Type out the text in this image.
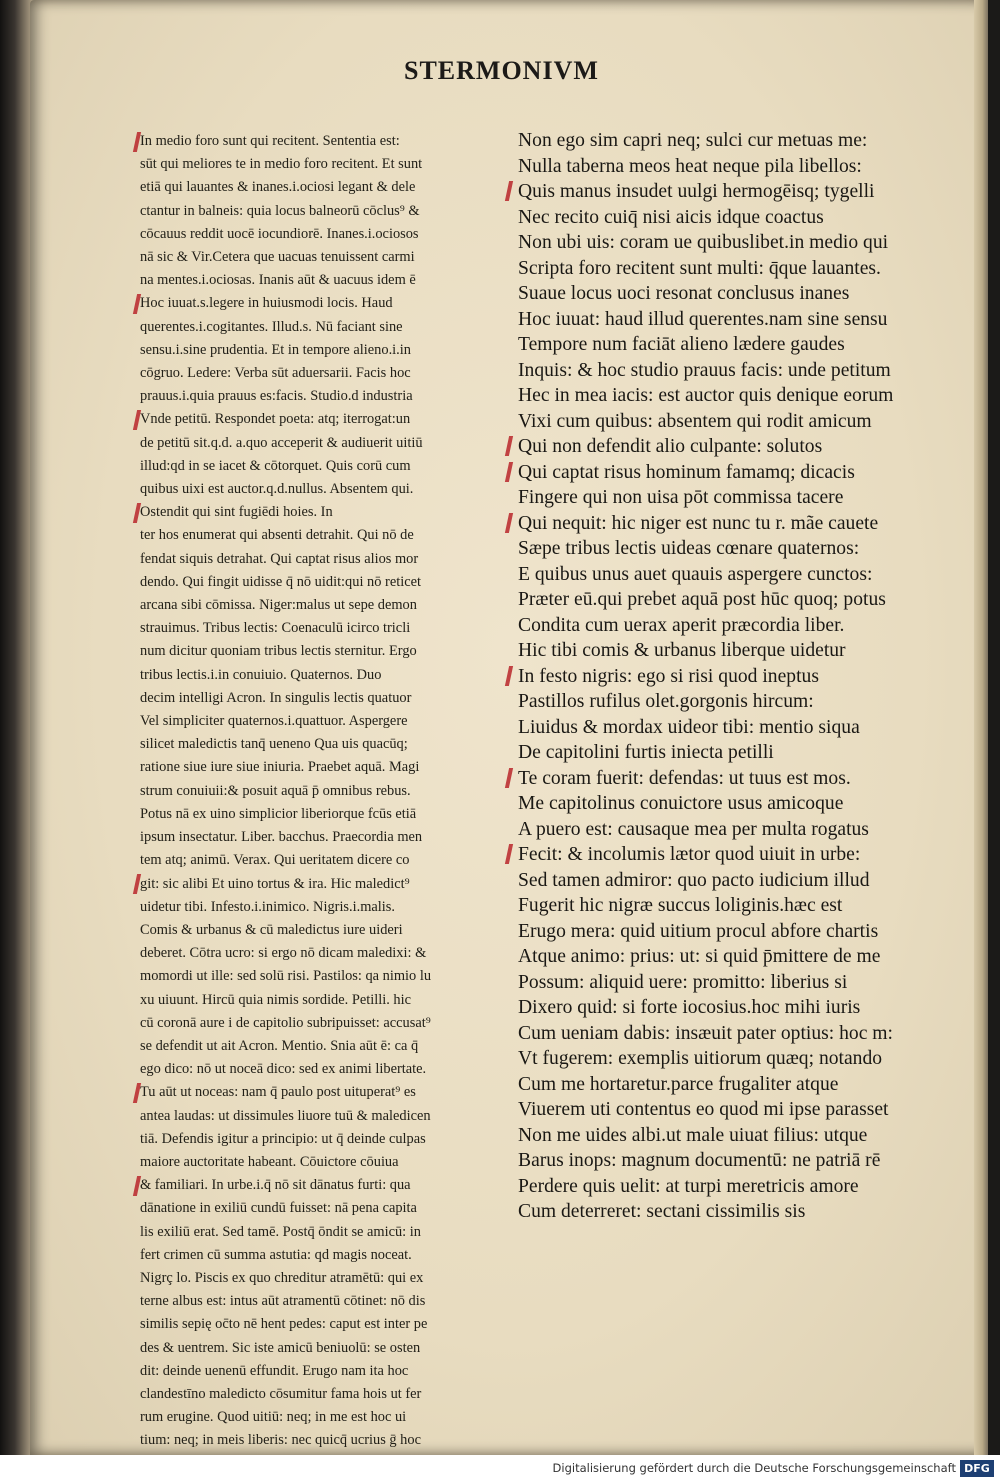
STERMONIVM
In medio foro sunt qui recitent. Sententia est:
sūt qui meliores te in medio foro recitent. Et sunt
etiā qui lauantes & inanes.i.ociosi legant & dele
ctantur in balneis: quia locus balneorū cōclus⁹ &
cōcauus reddit uocē iocundiorē. Inanes.i.ociosos
nā sic & Vir.Cetera que uacuas tenuissent carmi
na mentes.i.ociosas. Inanis aūt & uacuus idem ē
Hoc iuuat.s.legere in huiusmodi locis. Haud
querentes.i.cogitantes. Illud.s. Nū faciant sine
sensu.i.sine prudentia. Et in tempore alieno.i.in
cōgruo. Ledere: Verba sūt aduersarii. Facis hoc
prauus.i.quia prauus es:facis. Studio.d industria
Vnde petitū. Respondet poeta: atq; iterrogat:un
de petitū sit.q.d. a.quo acceperit & audiuerit uitiū
illud:qd in se iacet & cōtorquet. Quis corū cum
quibus uixi est auctor.q.d.nullus. Absentem qui.
Ostendit qui sint fugiēdi hoies. In
ter hos enumerat qui absenti detrahit. Qui nō de
fendat siquis detrahat. Qui captat risus alios mor
dendo. Qui fingit uidisse q̄ nō uidit:qui nō reticet
arcana sibi cōmissa. Niger:malus ut sepe demon
strauimus. Tribus lectis: Coenaculū icirco tricli
num dicitur quoniam tribus lectis sternitur. Ergo
tribus lectis.i.in conuiuio. Quaternos. Duo
decim intelligi Acron. In singulis lectis quatuor
Vel simpliciter quaternos.i.quattuor. Aspergere
silicet maledictis tanq̄ ueneno Qua uis quacūq;
ratione siue iure siue iniuria. Praebet aquā. Magi
strum conuiuii:& posuit aquā p̄ omnibus rebus.
Potus nā ex uino simplicior liberiorque fcūs etiā
ipsum insectatur. Liber. bacchus. Praecordia men
tem atq; animū. Verax. Qui ueritatem dicere co
git: sic alibi Et uino tortus & ira. Hic maledict⁹
uidetur tibi. Infesto.i.inimico. Nigris.i.malis.
Comis & urbanus & cū maledictus iure uideri
deberet. Cōtra ucro: si ergo nō dicam maledixi: &
momordi ut ille: sed solū risi. Pastilos: qa nimio lu
xu uiuunt. Hircū quia nimis sordide. Petilli. hic
cū coronā aure i de capitolio subripuisset: accusat⁹
se defendit ut ait Acron. Mentio. Snia aūt ē: ca q̄
ego dico: nō ut noceā dico: sed ex animi libertate.
Tu aūt ut noceas: nam q̄ paulo post uituperat⁹ es
antea laudas: ut dissimules liuore tuū & maledicen
tiā. Defendis igitur a principio: ut q̄ deinde culpas
maiore auctoritate habeant. Cōuictore cōuiua
& familiari. In urbe.i.q̄ nō sit dānatus furti: qua
dānatione in exiliū cundū fuisset: nā pena capita
lis exiliū erat. Sed tamē. Postq̄ ōndit se amicū: in
fert crimen cū summa astutia: qd magis noceat.
Nigrç lo. Piscis ex quo chreditur atramētū: qui ex
terne albus est: intus aūt atramentū cōtinet: nō dis
similis sepię oc̄to nē hent pedes: caput est inter pe
des & uentrem. Sic iste amicū beniuolū: se osten
dit: deinde uenenū effundit. Erugo nam ita hoc
clandestīno maledicto cōsumitur fama hois ut fer
rum erugine. Quod uitiū: neq; in me est hoc ui
tium: neq; in meis liberis: nec quicq̄ ucrius ḡ hoc
Non ego sim capri neq; sulci cur metuas me:
Nulla taberna meos heat neque pila libellos:
Quis manus insudet uulgi hermogēisq; tygelli
Nec recito cuiq̄ nisi aicis idque coactus
Non ubi uis: coram ue quibuslibet.in medio qui
Scripta foro recitent sunt multi: q̄que lauantes.
Suaue locus uoci resonat conclusus inanes
Hoc iuuat: haud illud querentes.nam sine sensu
Tempore num faciāt alieno lædere gaudes
Inquis: & hoc studio prauus facis: unde petitum
Hec in mea iacis: est auctor quis denique eorum
Vixi cum quibus: absentem qui rodit amicum
Qui non defendit alio culpante: solutos
Qui captat risus hominum famamq; dicacis
Fingere qui non uisa pōt commissa tacere
Qui nequit: hic niger est nunc tu r. mãe cauete
Sæpe tribus lectis uideas cœnare quaternos:
E quibus unus auet quauis aspergere cunctos:
Præter eū.qui prebet aquā post hūc quoq; potus
Condita cum uerax aperit præcordia liber.
Hic tibi comis & urbanus liberque uidetur
In festo nigris: ego si risi quod ineptus
Pastillos rufilus olet.gorgonis hircum:
Liuidus & mordax uideor tibi: mentio siqua
De capitolini furtis iniecta petilli
Te coram fuerit: defendas: ut tuus est mos.
Me capitolinus conuictore usus amicoque
A puero est: causaque mea per multa rogatus
Fecit: & incolumis lætor quod uiuit in urbe:
Sed tamen admiror: quo pacto iudicium illud
Fugerit hic nigræ succus loliginis.hæc est
Erugo mera: quid uitium procul abfore chartis
Atque animo: prius: ut: si quid p̄mittere de me
Possum: aliquid uere: promitto: liberius si
Dixero quid: si forte iocosius.hoc mihi iuris
Cum ueniam dabis: insæuit pater optius: hoc m:
Vt fugerem: exemplis uitiorum quæq; notando
Cum me hortaretur.parce frugaliter atque
Viuerem uti contentus eo quod mi ipse parasset
Non me uides albi.ut male uiuat filius: utque
Barus inops: magnum documentū: ne patriā rē
Perdere quis uelit: at turpi meretricis amore
Cum deterreret: sectani cissimilis sis
Digitalisierung gefördert durch die Deutsche Forschungsgemeinschaft DFG
